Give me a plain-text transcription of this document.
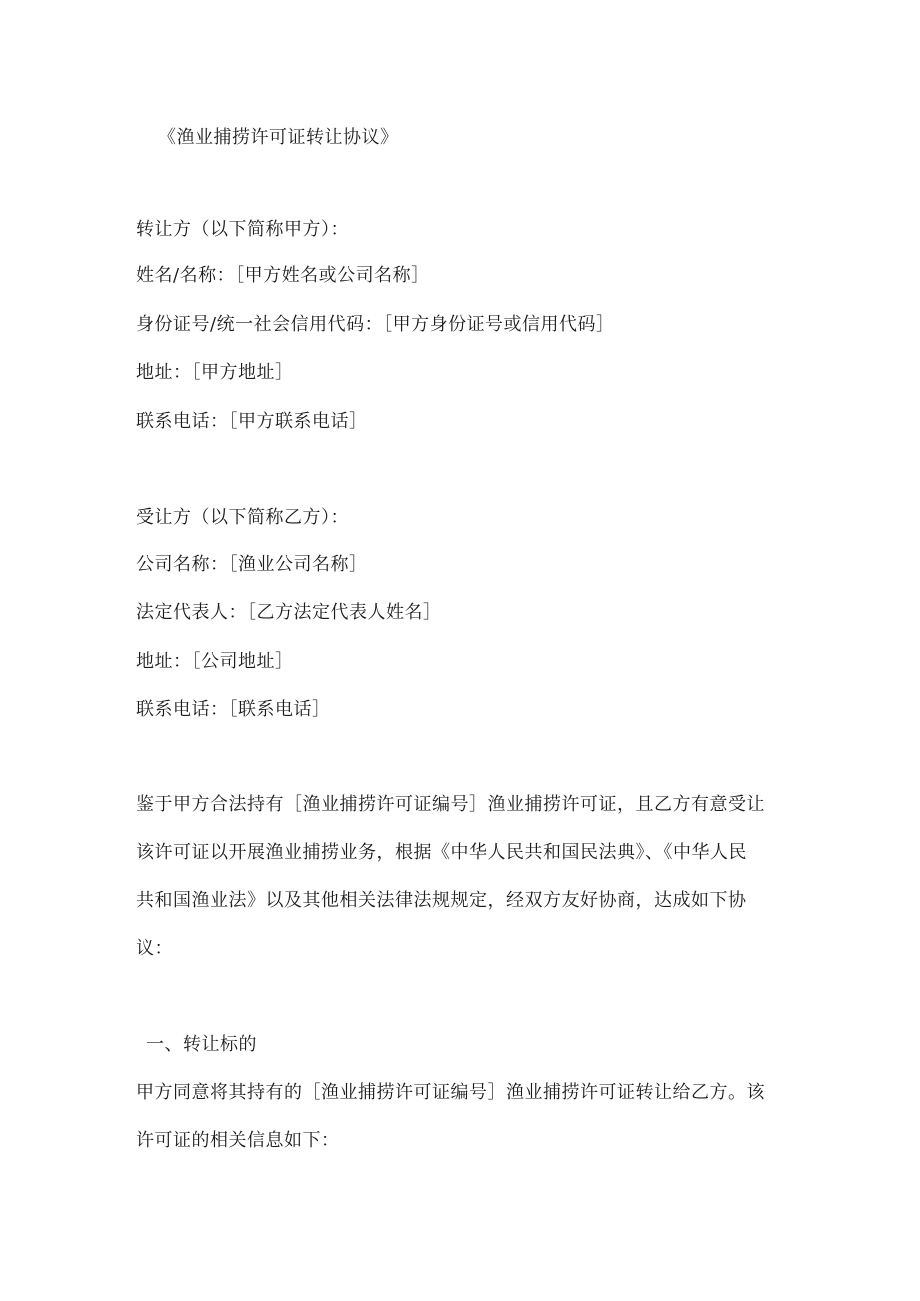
《渔业捕捞许可证转让协议》
转让方（以下简称甲方）：
姓名/名称：［甲方姓名或公司名称］
身份证号/统一社会信用代码：［甲方身份证号或信用代码］
地址：［甲方地址］
联系电话：［甲方联系电话］
受让方（以下简称乙方）：
公司名称：［渔业公司名称］
法定代表人：［乙方法定代表人姓名］
地址：［公司地址］
联系电话：［联系电话］
鉴于甲方合法持有［渔业捕捞许可证编号］渔业捕捞许可证，且乙方有意受让
该许可证以开展渔业捕捞业务，根据《中华人民共和国民法典》、《中华人民
共和国渔业法》以及其他相关法律法规规定，经双方友好协商，达成如下协
议：
一、转让标的
甲方同意将其持有的［渔业捕捞许可证编号］渔业捕捞许可证转让给乙方。该
许可证的相关信息如下：
